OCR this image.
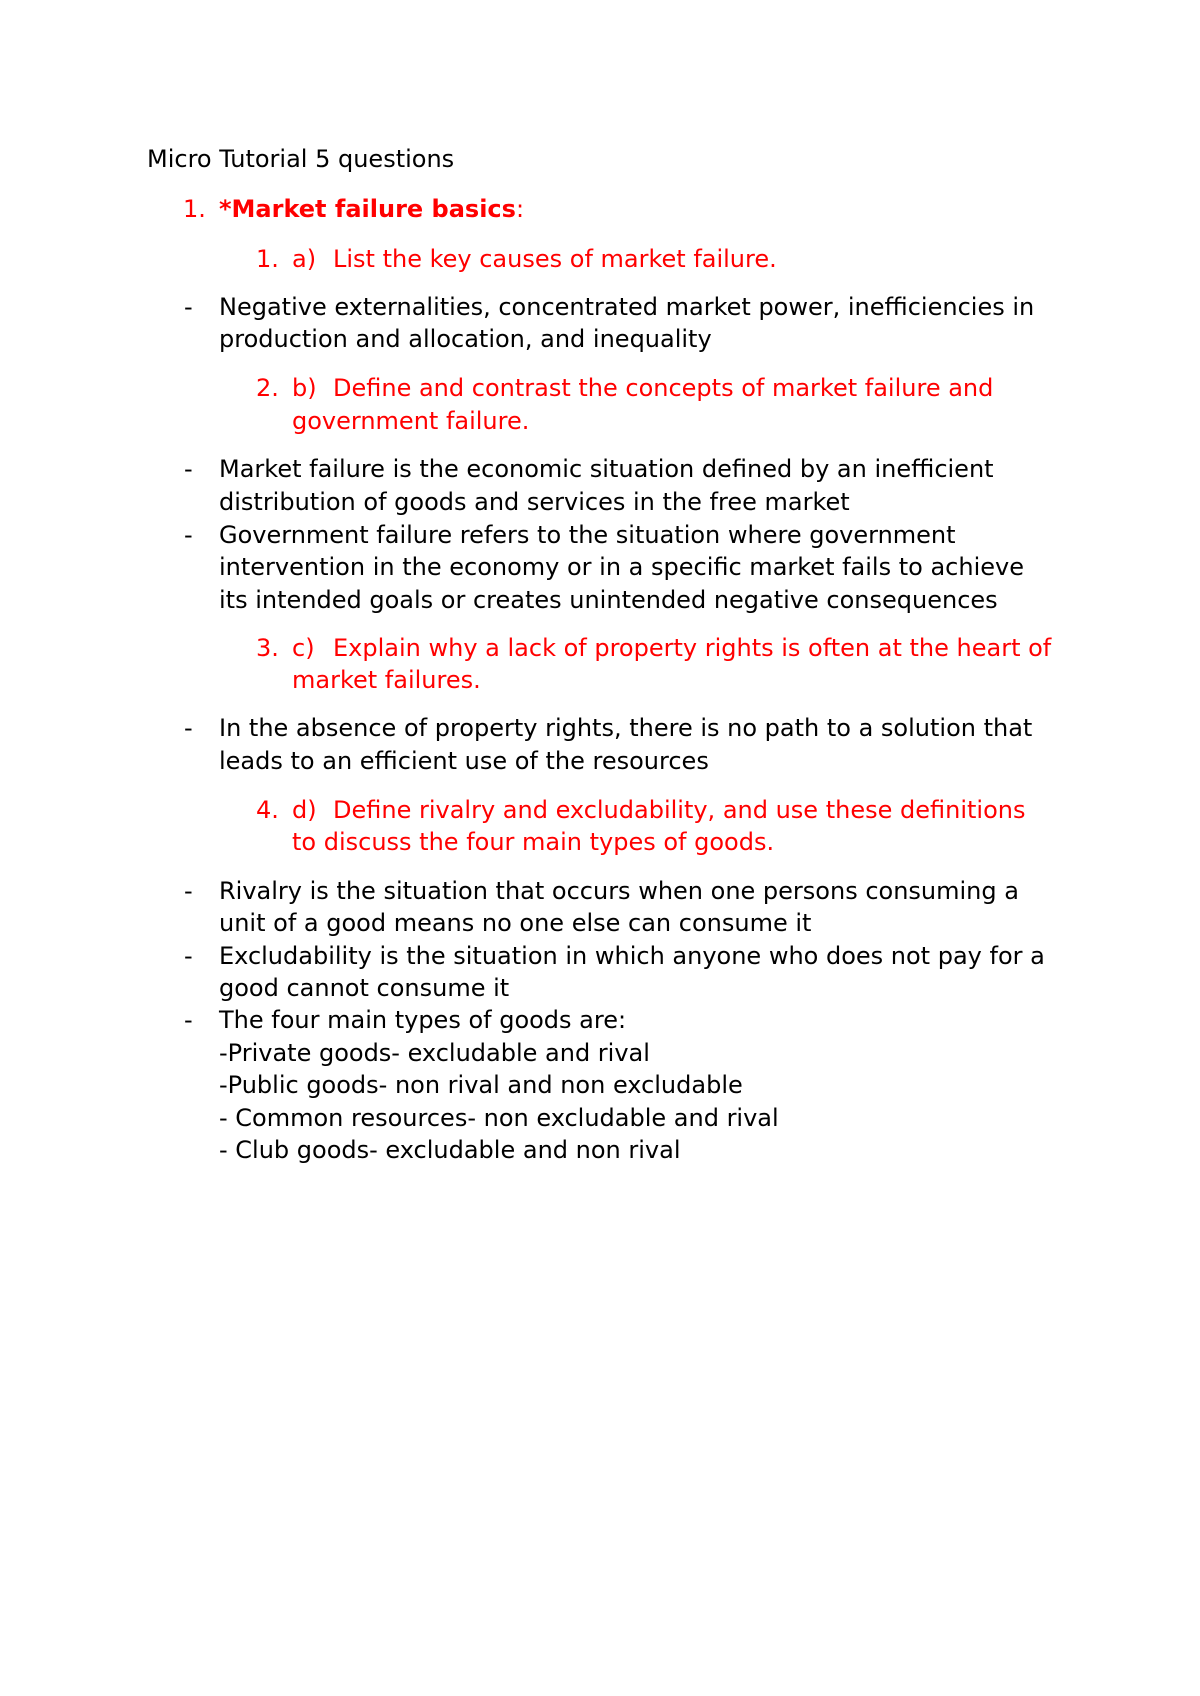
Micro Tutorial 5 questions
1. *Market failure basics:
1. a) List the key causes of market failure.
- Negative externalities, concentrated market power, inefficiencies in
production and allocation, and inequality
2. b) Define and contrast the concepts of market failure and
government failure.
- Market failure is the economic situation defined by an inefficient
distribution of goods and services in the free market
- Government failure refers to the situation where government
intervention in the economy or in a specific market fails to achieve
its intended goals or creates unintended negative consequences
3. c) Explain why a lack of property rights is often at the heart of
market failures.
- In the absence of property rights, there is no path to a solution that
leads to an efficient use of the resources
4. d) Define rivalry and excludability, and use these definitions
to discuss the four main types of goods.
- Rivalry is the situation that occurs when one persons consuming a
unit of a good means no one else can consume it
- Excludability is the situation in which anyone who does not pay for a
good cannot consume it
- The four main types of goods are:
-Private goods- excludable and rival
-Public goods- non rival and non excludable
- Common resources- non excludable and rival
- Club goods- excludable and non rival
